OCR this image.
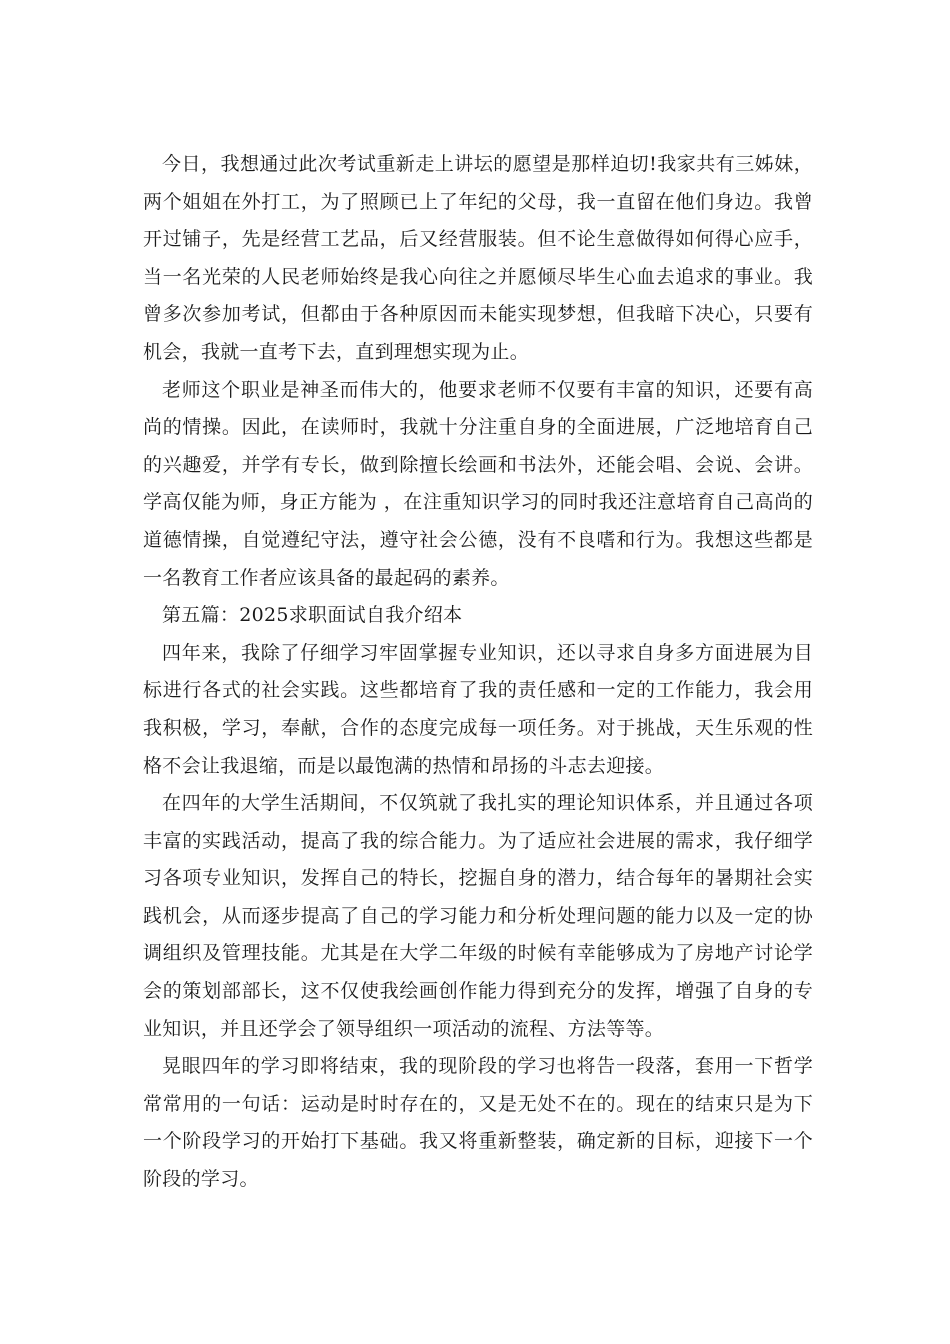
今日，我想通过此次考试重新走上讲坛的愿望是那样迫切!我家共有三姊妹，两个姐姐在外打工，为了照顾已上了年纪的父母，我一直留在他们身边。我曾开过铺子，先是经营工艺品，后又经营服装。但不论生意做得如何得心应手，当一名光荣的人民老师始终是我心向往之并愿倾尽毕生心血去追求的事业。我曾多次参加考试，但都由于各种原因而未能实现梦想，但我暗下决心，只要有机会，我就一直考下去，直到理想实现为止。

老师这个职业是神圣而伟大的，他要求老师不仅要有丰富的知识，还要有高尚的情操。因此，在读师时，我就十分注重自身的全面进展，广泛地培育自己的兴趣爱，并学有专长，做到除擅长绘画和书法外，还能会唱、会说、会讲。学高仅能为师，身正方能为 ，在注重知识学习的同时我还注意培育自己高尚的道德情操，自觉遵纪守法，遵守社会公德，没有不良嗜和行为。我想这些都是一名教育工作者应该具备的最起码的素养。

第五篇：2025求职面试自我介绍本

四年来，我除了仔细学习牢固掌握专业知识，还以寻求自身多方面进展为目标进行各式的社会实践。这些都培育了我的责任感和一定的工作能力，我会用我积极，学习，奉献，合作的态度完成每一项任务。对于挑战，天生乐观的性格不会让我退缩，而是以最饱满的热情和昂扬的斗志去迎接。

在四年的大学生活期间，不仅筑就了我扎实的理论知识体系，并且通过各项丰富的实践活动，提高了我的综合能力。为了适应社会进展的需求，我仔细学习各项专业知识，发挥自己的特长，挖掘自身的潜力，结合每年的暑期社会实践机会，从而逐步提高了自己的学习能力和分析处理问题的能力以及一定的协调组织及管理技能。尤其是在大学二年级的时候有幸能够成为了房地产讨论学会的策划部部长，这不仅使我绘画创作能力得到充分的发挥，增强了自身的专业知识，并且还学会了领导组织一项活动的流程、方法等等。

晃眼四年的学习即将结束，我的现阶段的学习也将告一段落，套用一下哲学常常用的一句话：运动是时时存在的，又是无处不在的。现在的结束只是为下一个阶段学习的开始打下基础。我又将重新整装，确定新的目标，迎接下一个阶段的学习。
